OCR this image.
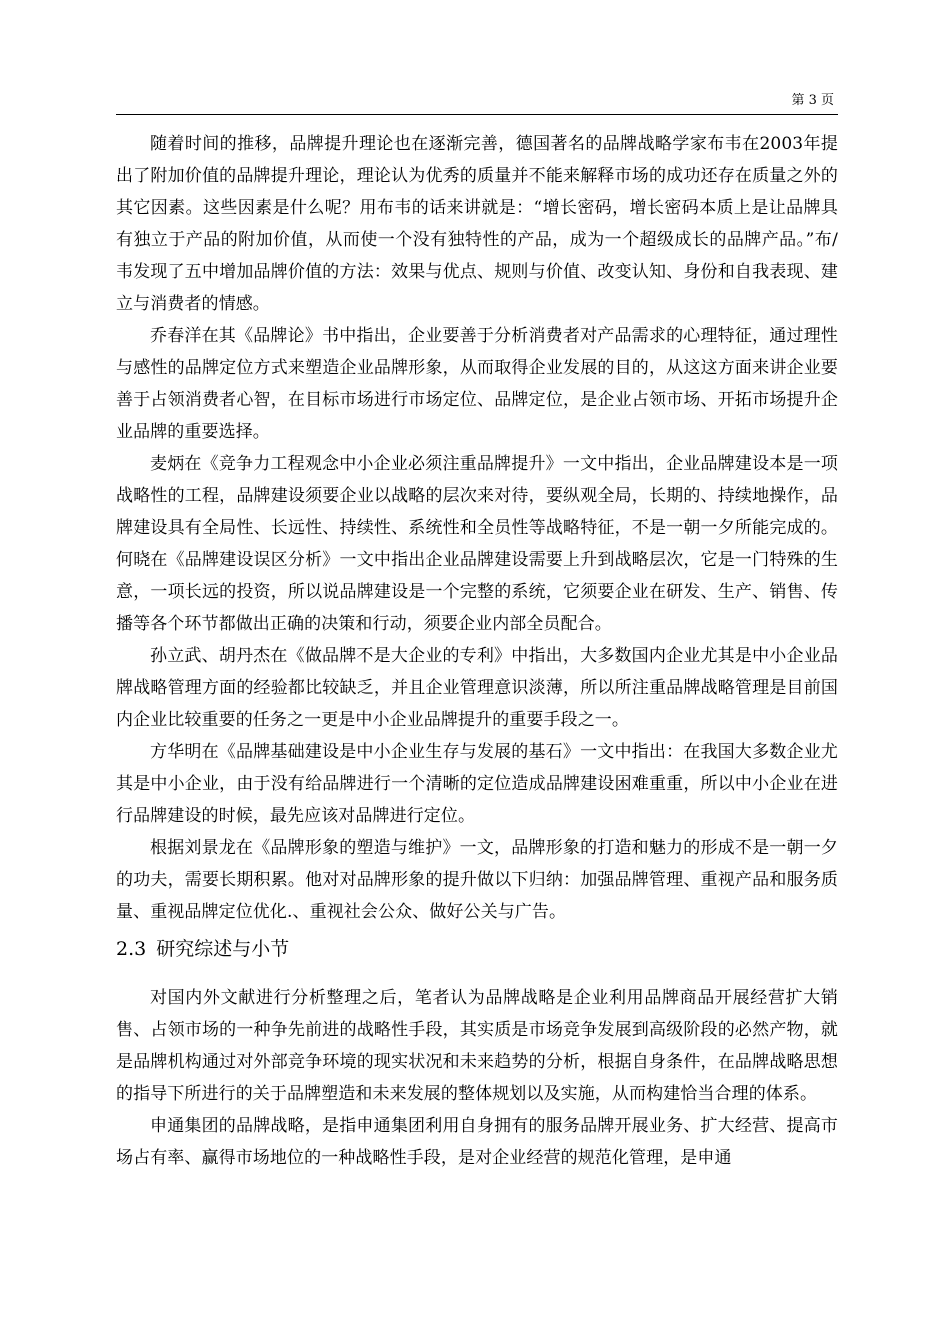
第 3 页

随着时间的推移，品牌提升理论也在逐渐完善，德国著名的品牌战略学家布韦在2003年提出了附加价值的品牌提升理论，理论认为优秀的质量并不能来解释市场的成功还存在质量之外的其它因素。这些因素是什么呢？用布韦的话来讲就是：“增长密码，增长密码本质上是让品牌具有独立于产品的附加价值，从而使一个没有独特性的产品，成为一个超级成长的品牌产品。”布/韦发现了五中增加品牌价值的方法：效果与优点、规则与价值、改变认知、身份和自我表现、建立与消费者的情感。

乔春洋在其《品牌论》书中指出，企业要善于分析消费者对产品需求的心理特征，通过理性与感性的品牌定位方式来塑造企业品牌形象，从而取得企业发展的目的，从这这方面来讲企业要善于占领消费者心智，在目标市场进行市场定位、品牌定位，是企业占领市场、开拓市场提升企业品牌的重要选择。

麦炳在《竞争力工程观念中小企业必须注重品牌提升》一文中指出，企业品牌建设本是一项战略性的工程，品牌建设须要企业以战略的层次来对待，要纵观全局，长期的、持续地操作，品牌建设具有全局性、长远性、持续性、系统性和全员性等战略特征，不是一朝一夕所能完成的。何晓在《品牌建设误区分析》一文中指出企业品牌建设需要上升到战略层次，它是一门特殊的生意，一项长远的投资，所以说品牌建设是一个完整的系统，它须要企业在研发、生产、销售、传播等各个环节都做出正确的决策和行动，须要企业内部全员配合。

孙立武、胡丹杰在《做品牌不是大企业的专利》中指出，大多数国内企业尤其是中小企业品牌战略管理方面的经验都比较缺乏，并且企业管理意识淡薄，所以所注重品牌战略管理是目前国内企业比较重要的任务之一更是中小企业品牌提升的重要手段之一。

方华明在《品牌基础建设是中小企业生存与发展的基石》一文中指出：在我国大多数企业尤其是中小企业，由于没有给品牌进行一个清晰的定位造成品牌建设困难重重，所以中小企业在进行品牌建设的时候，最先应该对品牌进行定位。

根据刘景龙在《品牌形象的塑造与维护》一文，品牌形象的打造和魅力的形成不是一朝一夕的功夫，需要长期积累。他对对品牌形象的提升做以下归纳：加强品牌管理、重视产品和服务质量、重视品牌定位优化.、重视社会公众、做好公关与广告。

2.3 研究综述与小节

对国内外文献进行分析整理之后，笔者认为品牌战略是企业利用品牌商品开展经营扩大销售、占领市场的一种争先前进的战略性手段，其实质是市场竞争发展到高级阶段的必然产物，就是品牌机构通过对外部竞争环境的现实状况和未来趋势的分析，根据自身条件，在品牌战略思想的指导下所进行的关于品牌塑造和未来发展的整体规划以及实施，从而构建恰当合理的体系。

申通集团的品牌战略，是指申通集团利用自身拥有的服务品牌开展业务、扩大经营、提高市场占有率、赢得市场地位的一种战略性手段，是对企业经营的规范化管理，是申通
